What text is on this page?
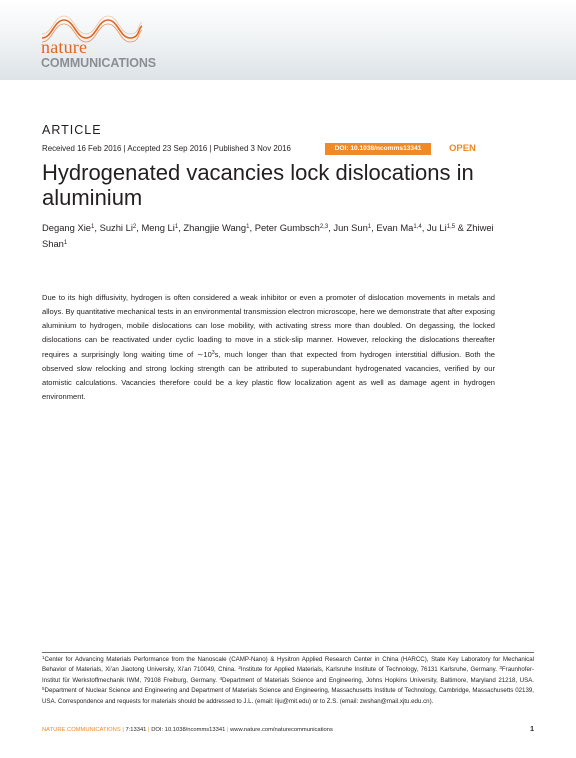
nature
COMMUNICATIONS
ARTICLE
Received 16 Feb 2016 | Accepted 23 Sep 2016 | Published 3 Nov 2016	DOI: 10.1038/ncomms13341	OPEN
Hydrogenated vacancies lock dislocations in aluminium
Degang Xie$^1$, Suzhi Li$^2$, Meng Li$^1$, Zhangjie Wang$^1$, Peter Gumbsch$^{2,3}$, Jun Sun$^1$, Evan Ma$^{1,4}$, Ju Li$^{1,5}$ & Zhiwei Shan$^1$

Due to its high diffusivity, hydrogen is often considered a weak inhibitor or even a promoter of dislocation movements in metals and alloys. By quantitative mechanical tests in an environmental transmission electron microscope, here we demonstrate that after exposing aluminium to hydrogen, mobile dislocations can lose mobility, with activating stress more than doubled. On degassing, the locked dislocations can be reactivated under cyclic loading to move in a stick-slip manner. However, relocking the dislocations thereafter requires a surprisingly long waiting time of $\sim 10^3s$, much longer than that expected from hydrogen interstitial diffusion. Both the observed slow relocking and strong locking strength can be attributed to superabundant hydrogenated vacancies, verified by our atomistic calculations. Vacancies therefore could be a key plastic flow localization agent as well as damage agent in hydrogen environment.

$^1$Center for Advancing Materials Performance from the Nanoscale (CAMP-Nano) & Hysitron Applied Research Center in China (HARCC), State Key Laboratory for Mechanical Behavior of Materials, Xi’an Jiaotong University, Xi’an 710049, China. $^2$Institute for Applied Materials, Karlsruhe Institute of Technology, 76131 Karlsruhe, Germany. $^3$Fraunhofer-Institut für Werkstoffmechanik IWM, 79108 Freiburg, Germany. $^4$Department of Materials Science and Engineering, Johns Hopkins University, Baltimore, Maryland 21218, USA. $^5$Department of Nuclear Science and Engineering and Department of Materials Science and Engineering, Massachusetts Institute of Technology, Cambridge, Massachusetts 02139, USA. Correspondence and requests for materials should be addressed to J.L. (email: liju@mit.edu) or to Z.S. (email: zwshan@mail.xjtu.edu.cn).

NATURE COMMUNICATIONS | 7:13341 | DOI: 10.1038/ncomms13341 | www.nature.com/naturecommunications	1
